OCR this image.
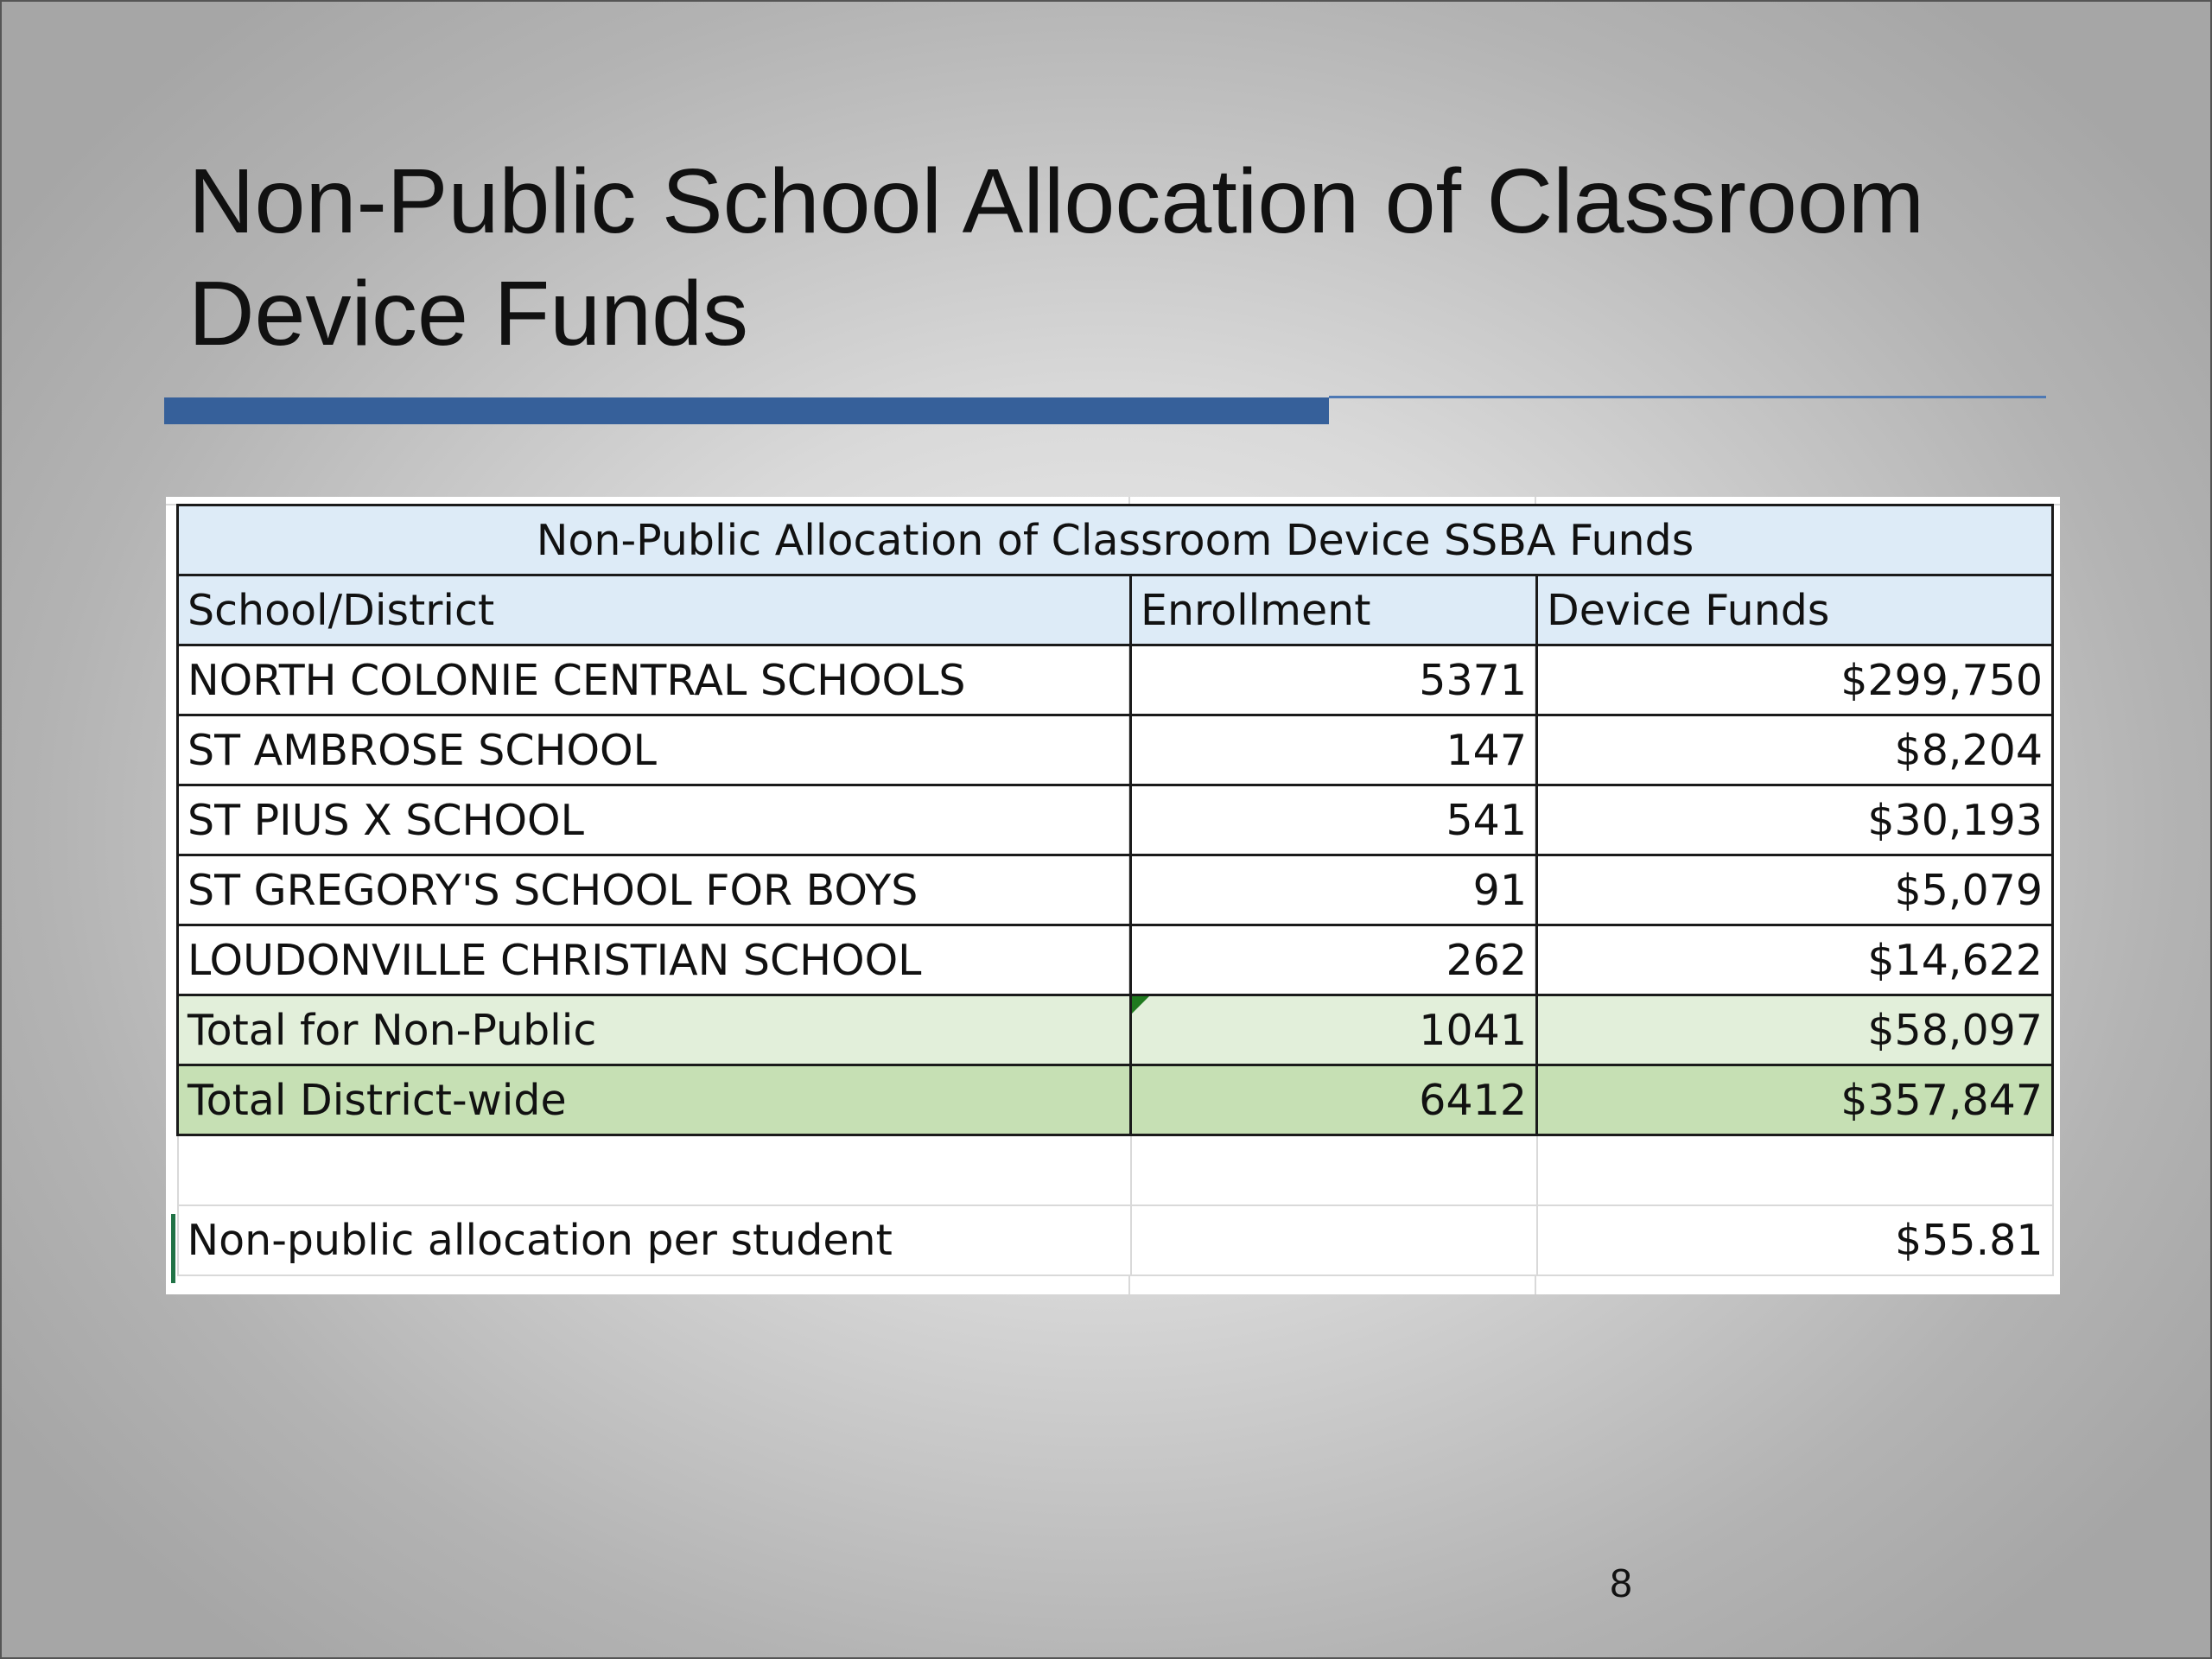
Non-Public School Allocation of Classroom Device Funds
Non-Public Allocation of Classroom Device SSBA Funds		
School/District	Enrollment	Device Funds
NORTH COLONIE CENTRAL SCHOOLS	5371	$299,750
ST AMBROSE SCHOOL	147	$8,204
ST PIUS X SCHOOL	541	$30,193
ST GREGORY'S SCHOOL FOR BOYS	91	$5,079
LOUDONVILLE CHRISTIAN SCHOOL	262	$14,622
Total for Non-Public	1041	$58,097
Total District-wide	6412	$357,847

Non-public allocation per student		$55.81
8
